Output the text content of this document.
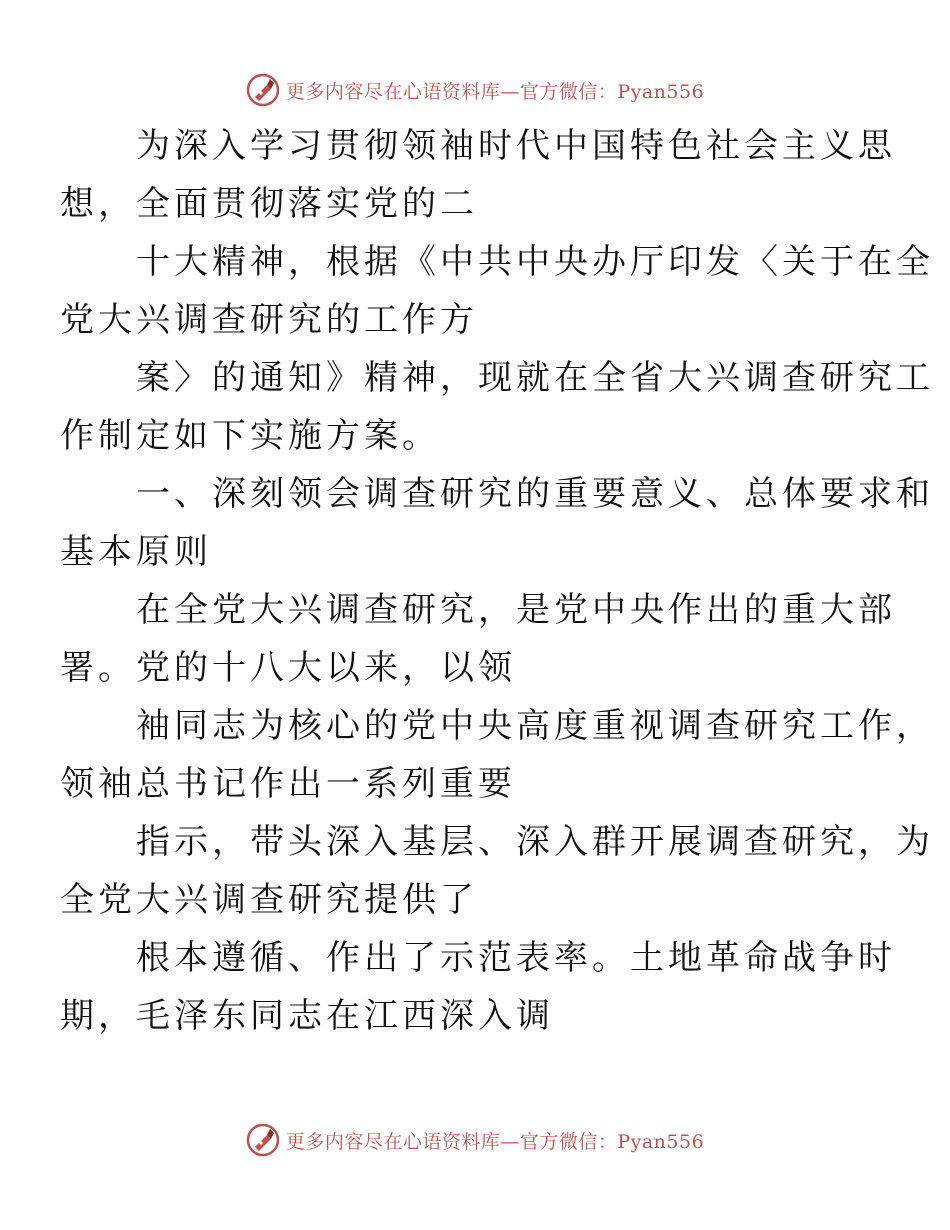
更多内容尽在心语资料库—官方微信：Pyan556

为深入学习贯彻领袖时代中国特色社会主义思
想，全面贯彻落实党的二

十大精神，根据《中共中央办厅印发〈关于在全
党大兴调查研究的工作方

案〉的通知》精神，现就在全省大兴调查研究工
作制定如下实施方案。

一、深刻领会调查研究的重要意义、总体要求和
基本原则

在全党大兴调查研究，是党中央作出的重大部
署。党的十八大以来，以领

袖同志为核心的党中央高度重视调查研究工作，
领袖总书记作出一系列重要

指示，带头深入基层、深入群开展调查研究，为
全党大兴调查研究提供了

根本遵循、作出了示范表率。土地革命战争时
期，毛泽东同志在江西深入调

更多内容尽在心语资料库—官方微信：Pyan556
